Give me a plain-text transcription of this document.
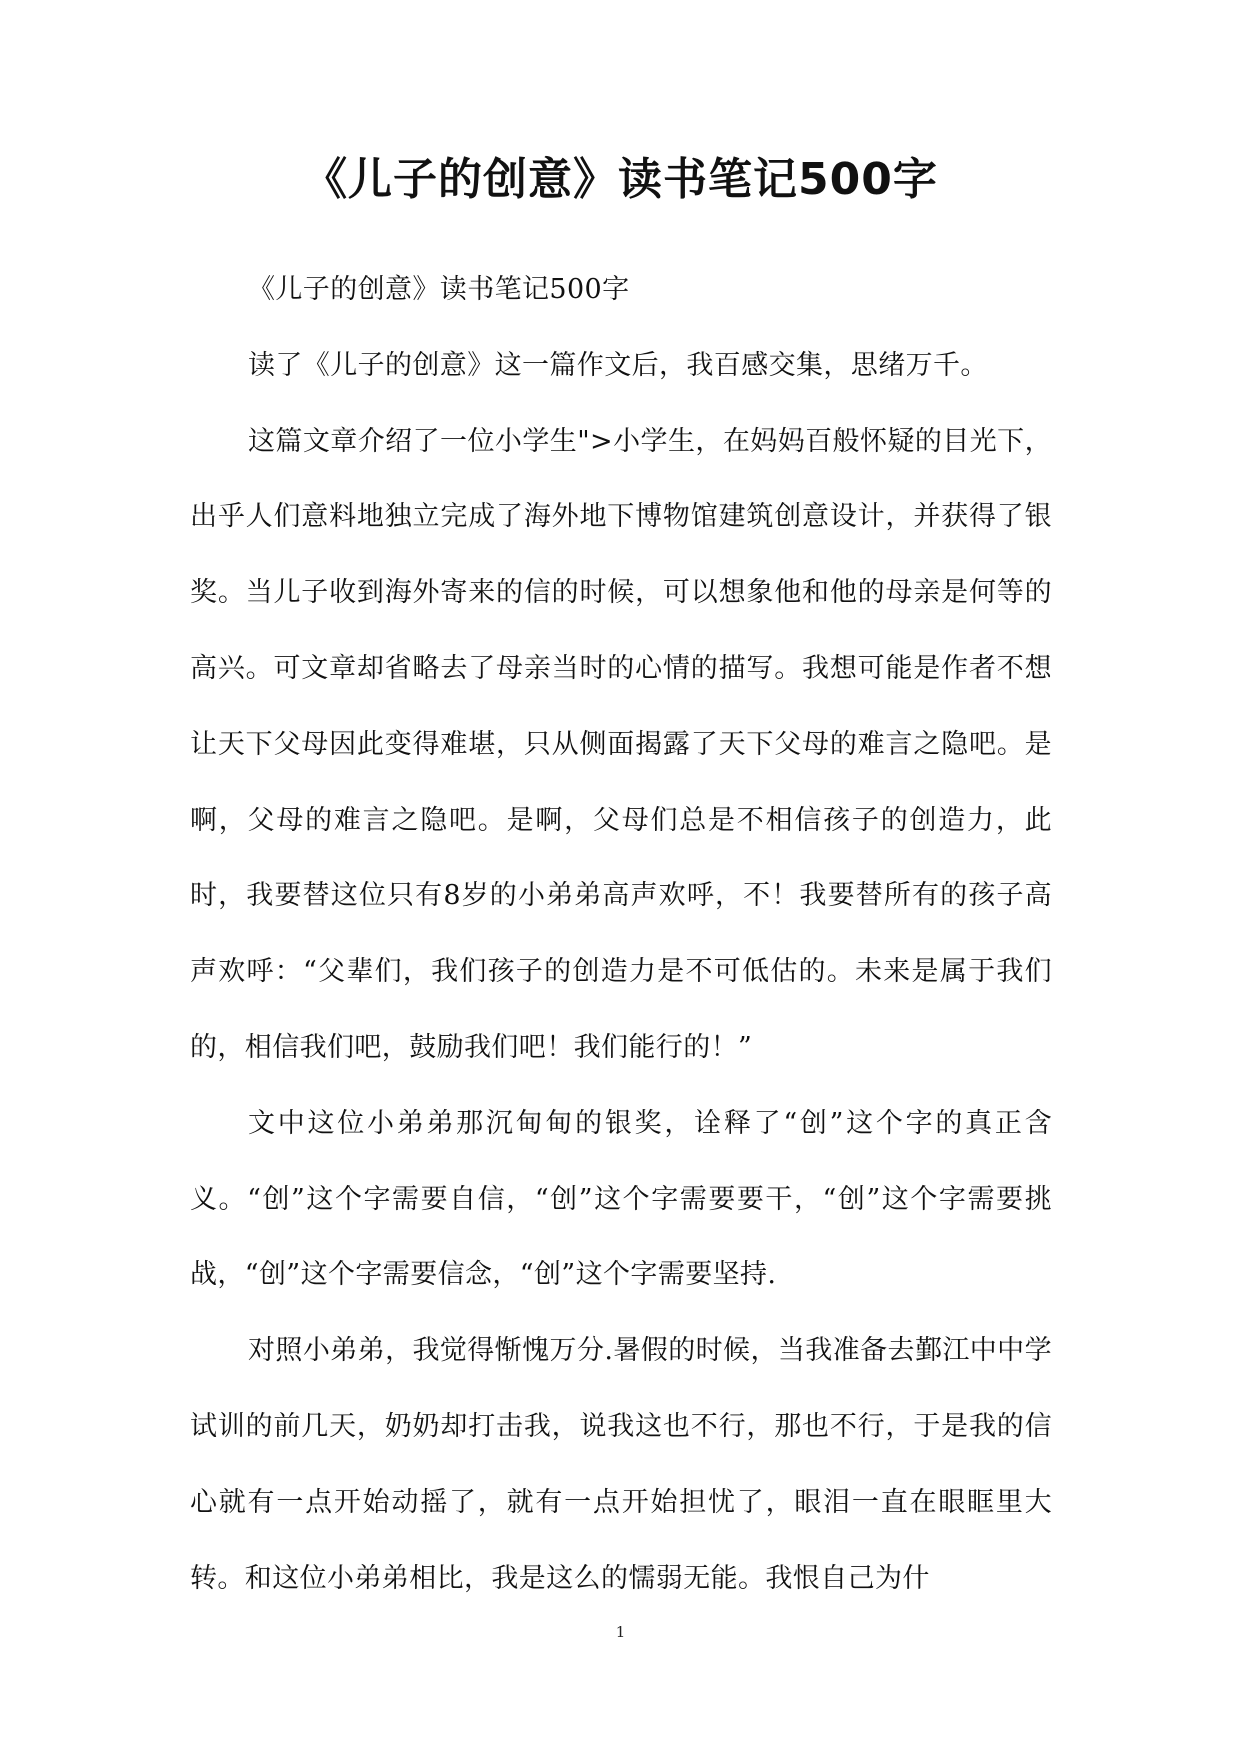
《儿子的创意》读书笔记500字

《儿子的创意》读书笔记500字

读了《儿子的创意》这一篇作文后，我百感交集，思绪万千。

这篇文章介绍了一位小学生">小学生，在妈妈百般怀疑的目光下，出乎人们意料地独立完成了海外地下博物馆建筑创意设计，并获得了银奖。当儿子收到海外寄来的信的时候，可以想象他和他的母亲是何等的高兴。可文章却省略去了母亲当时的心情的描写。我想可能是作者不想让天下父母因此变得难堪，只从侧面揭露了天下父母的难言之隐吧。是啊，父母的难言之隐吧。是啊，父母们总是不相信孩子的创造力，此时，我要替这位只有8岁的小弟弟高声欢呼，不！我要替所有的孩子高声欢呼：“父辈们，我们孩子的创造力是不可低估的。未来是属于我们的，相信我们吧，鼓励我们吧！我们能行的！”

文中这位小弟弟那沉甸甸的银奖，诠释了“创”这个字的真正含义。“创”这个字需要自信，“创”这个字需要要干，“创”这个字需要挑战，“创”这个字需要信念，“创”这个字需要坚持.

对照小弟弟，我觉得惭愧万分.暑假的时候，当我准备去鄞江中中学试训的前几天，奶奶却打击我，说我这也不行，那也不行，于是我的信心就有一点开始动摇了，就有一点开始担忧了，眼泪一直在眼眶里大转。和这位小弟弟相比，我是这么的懦弱无能。我恨自己为什

1
